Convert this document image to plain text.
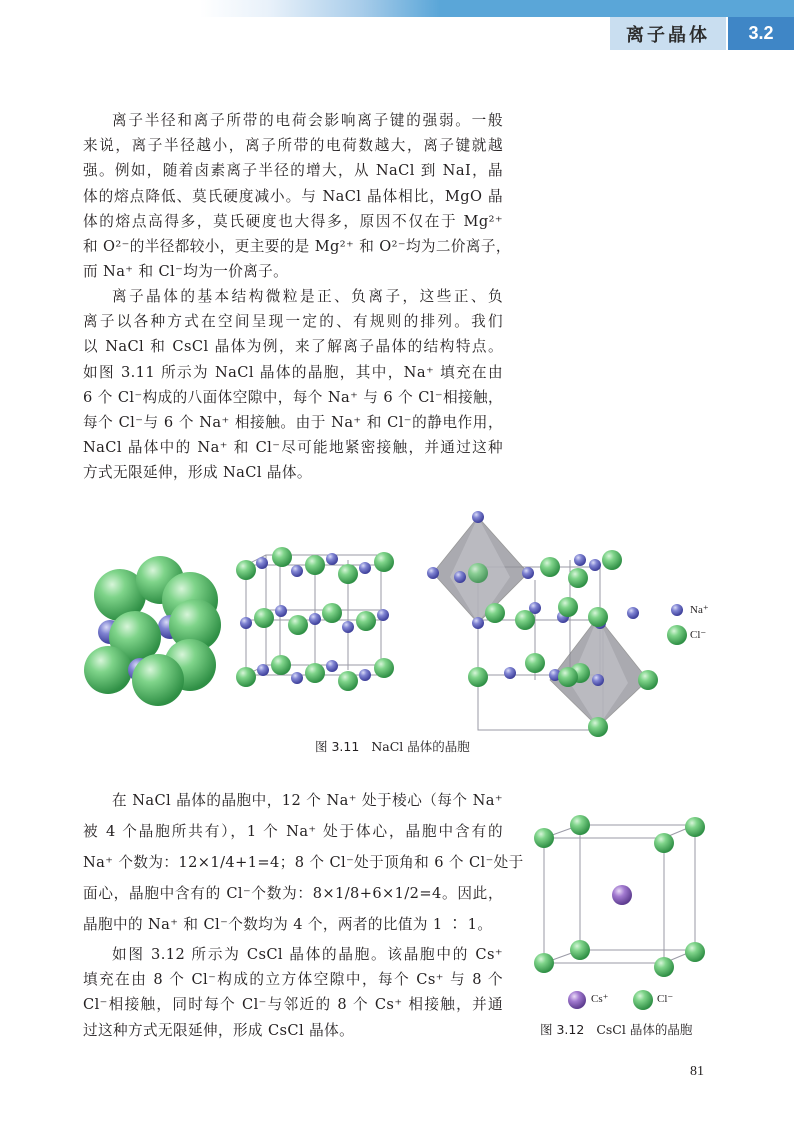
离子晶体	3.2
离子半径和离子所带的电荷会影响离子键的强弱。一般
来说，离子半径越小，离子所带的电荷数越大，离子键就越
强。例如，随着卤素离子半径的增大，从 NaCl 到 NaI，晶
体的熔点降低、莫氏硬度减小。与 NaCl 晶体相比，MgO 晶
体的熔点高得多，莫氏硬度也大得多，原因不仅在于 Mg²⁺
和 O²⁻的半径都较小，更主要的是 Mg²⁺ 和 O²⁻均为二价离子，
而 Na⁺ 和 Cl⁻均为一价离子。
离子晶体的基本结构微粒是正、负离子，这些正、负
离子以各种方式在空间呈现一定的、有规则的排列。我们
以 NaCl 和 CsCl 晶体为例，来了解离子晶体的结构特点。
如图 3.11 所示为 NaCl 晶体的晶胞，其中，Na⁺ 填充在由
6 个 Cl⁻构成的八面体空隙中，每个 Na⁺ 与 6 个 Cl⁻相接触，
每个 Cl⁻与 6 个 Na⁺ 相接触。由于 Na⁺ 和 Cl⁻的静电作用，
NaCl 晶体中的 Na⁺ 和 Cl⁻尽可能地紧密接触，并通过这种
方式无限延伸，形成 NaCl 晶体。
Na⁺
Cl⁻
图 3.11 NaCl 晶体的晶胞
在 NaCl 晶体的晶胞中，12 个 Na⁺ 处于棱心（每个 Na⁺
被 4 个晶胞所共有），1 个 Na⁺ 处于体心，晶胞中含有的
Na⁺ 个数为：12×1/4+1=4；8 个 Cl⁻处于顶角和 6 个 Cl⁻处于
面心，晶胞中含有的 Cl⁻个数为：8×1/8+6×1/2=4。因此，
晶胞中的 Na⁺ 和 Cl⁻个数均为 4 个，两者的比值为 1 ∶ 1。
如图 3.12 所示为 CsCl 晶体的晶胞。该晶胞中的 Cs⁺
填充在由 8 个 Cl⁻构成的立方体空隙中，每个 Cs⁺ 与 8 个
Cl⁻相接触，同时每个 Cl⁻与邻近的 8 个 Cs⁺ 相接触，并通
过这种方式无限延伸，形成 CsCl 晶体。
Cs⁺	Cl⁻
图 3.12 CsCl 晶体的晶胞
81
